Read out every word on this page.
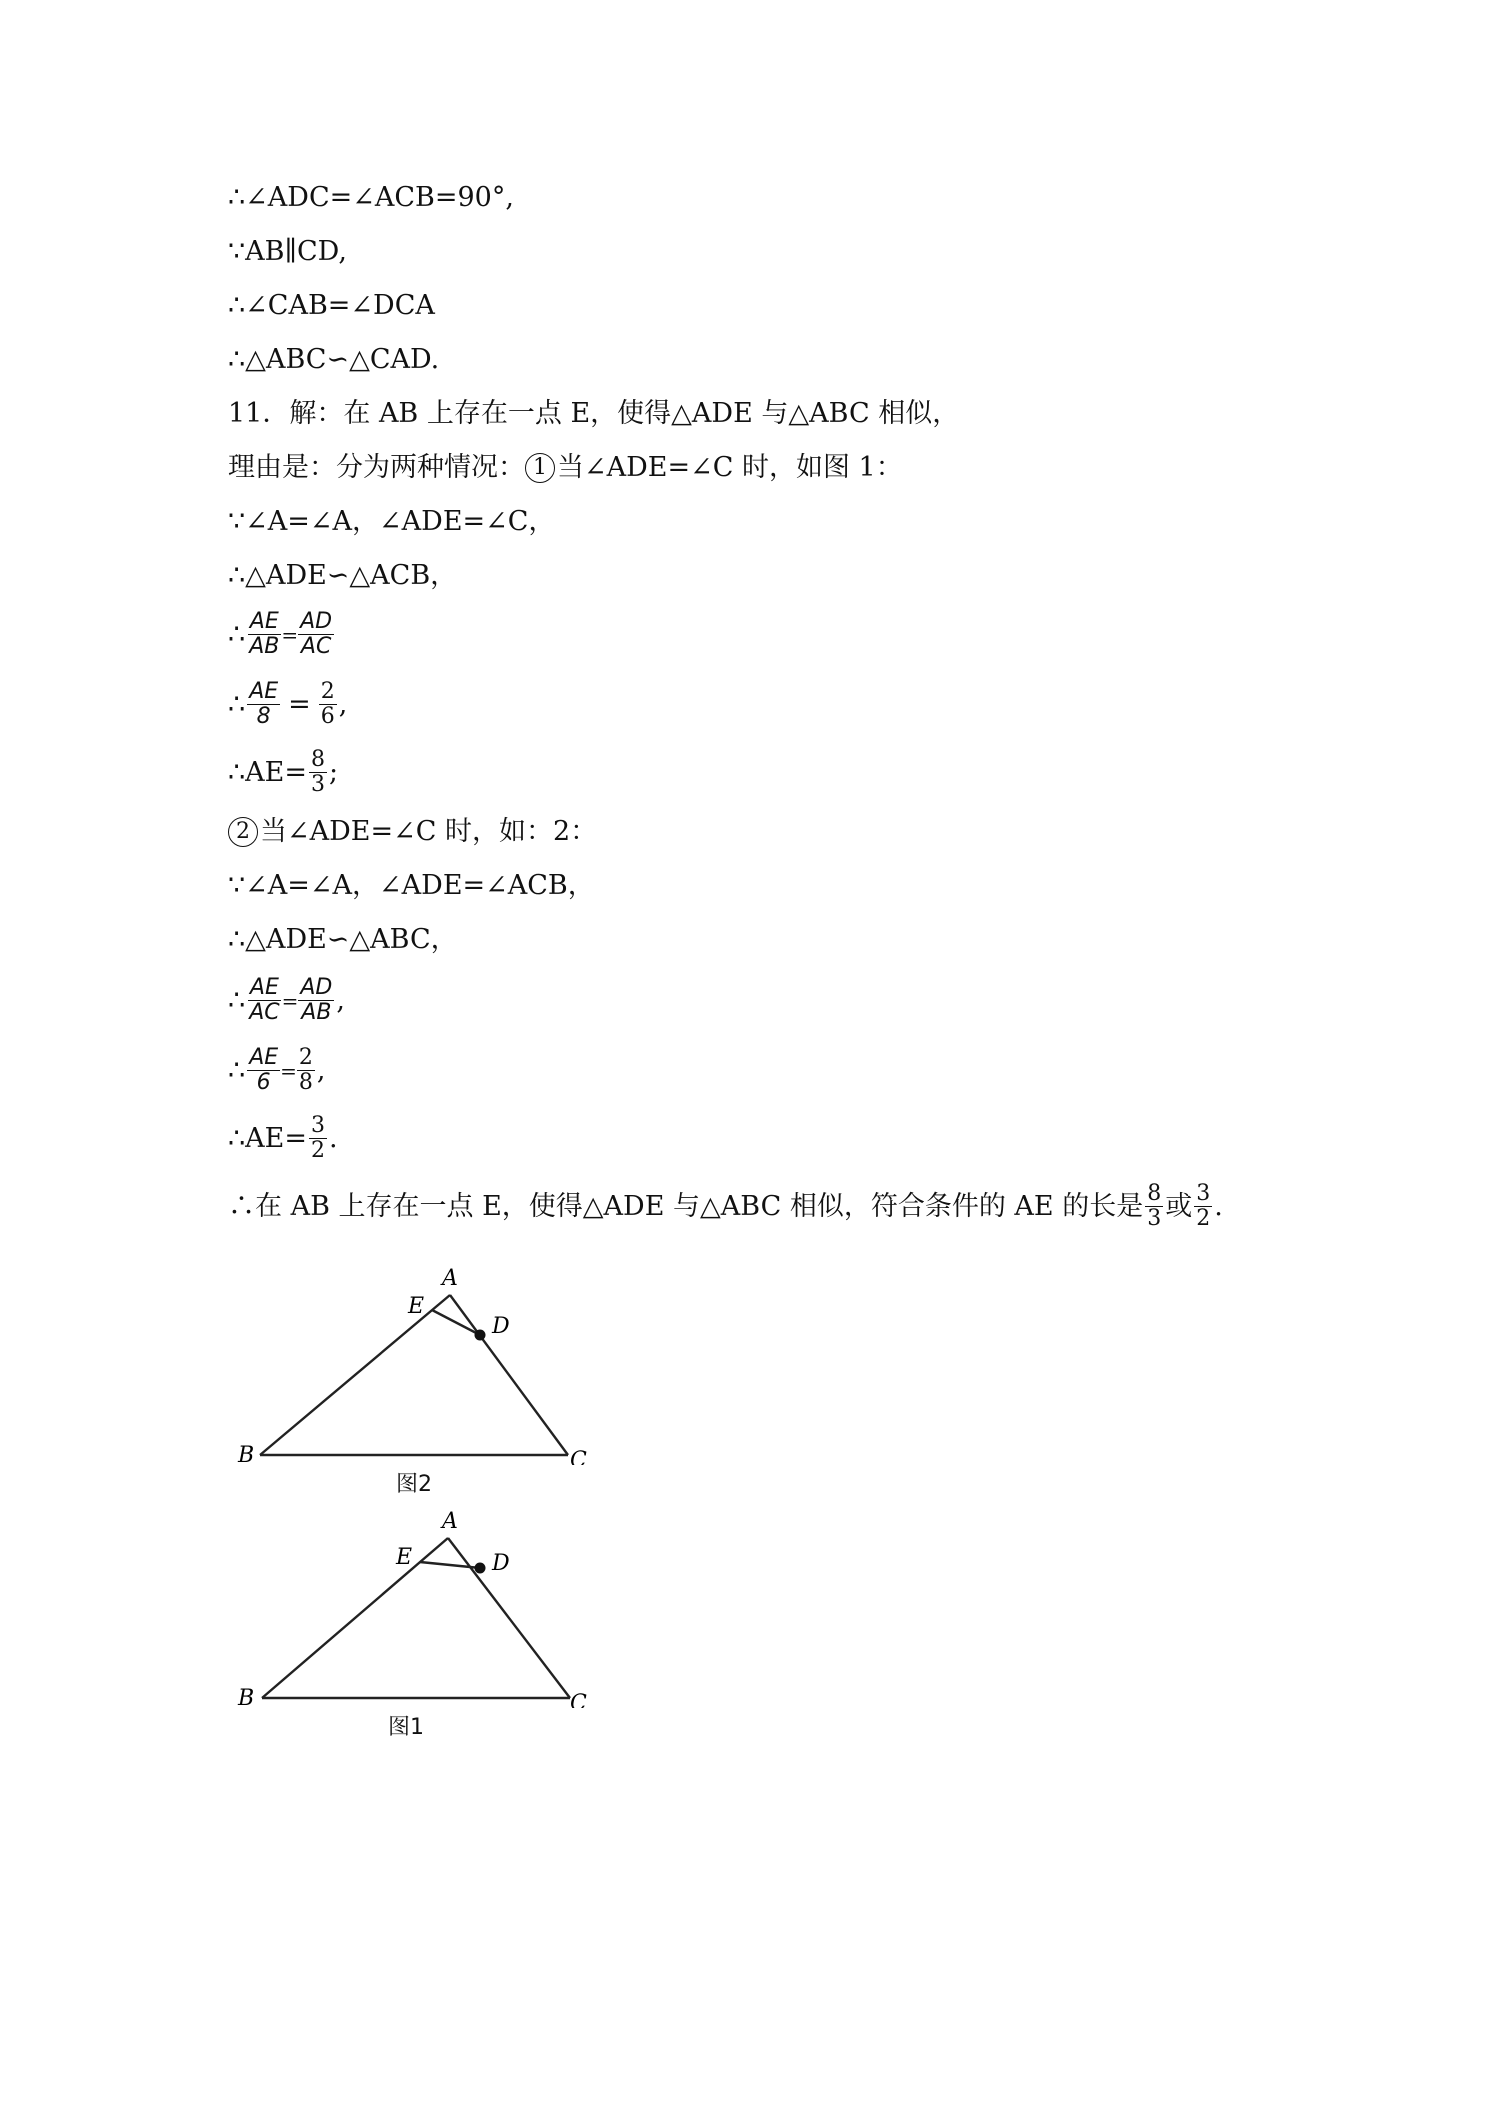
∴∠ADC=∠ACB=90°,
∵AB∥CD,
∴∠CAB=∠DCA
∴△ABC∽△CAD.
11．解：在 AB 上存在一点 E，使得△ADE 与△ABC 相似，
理由是：分为两种情况： 1 当∠ADE=∠C 时，如图 1：
∵∠A=∠A，∠ADE=∠C，
∴△ADE∽△ACB，
∴ $\frac{AE}{AB} = \frac{AD}{AC}$
∴ $\frac{AE}{8} = \frac{2}{6}$ ,
∴AE= $\frac{8}{3}$ ;
2 当∠ADE=∠C 时，如：2：
∵∠A=∠A，∠ADE=∠ACB，
∴△ADE∽△ABC，
∴ $\frac{AE}{AC} = \frac{AD}{AB}$ ,
∴ $\frac{AE}{6} = \frac{2}{8}$ ,
∴AE= $\frac{3}{2}$ .
∴在 AB 上存在一点 E，使得△ADE 与△ABC 相似，符合条件的 AE 的长是 $\frac{8}{3}$ 或 $\frac{3}{2}$ .
A
E
D
B	C
图2
A
E	D
B	C
图1
